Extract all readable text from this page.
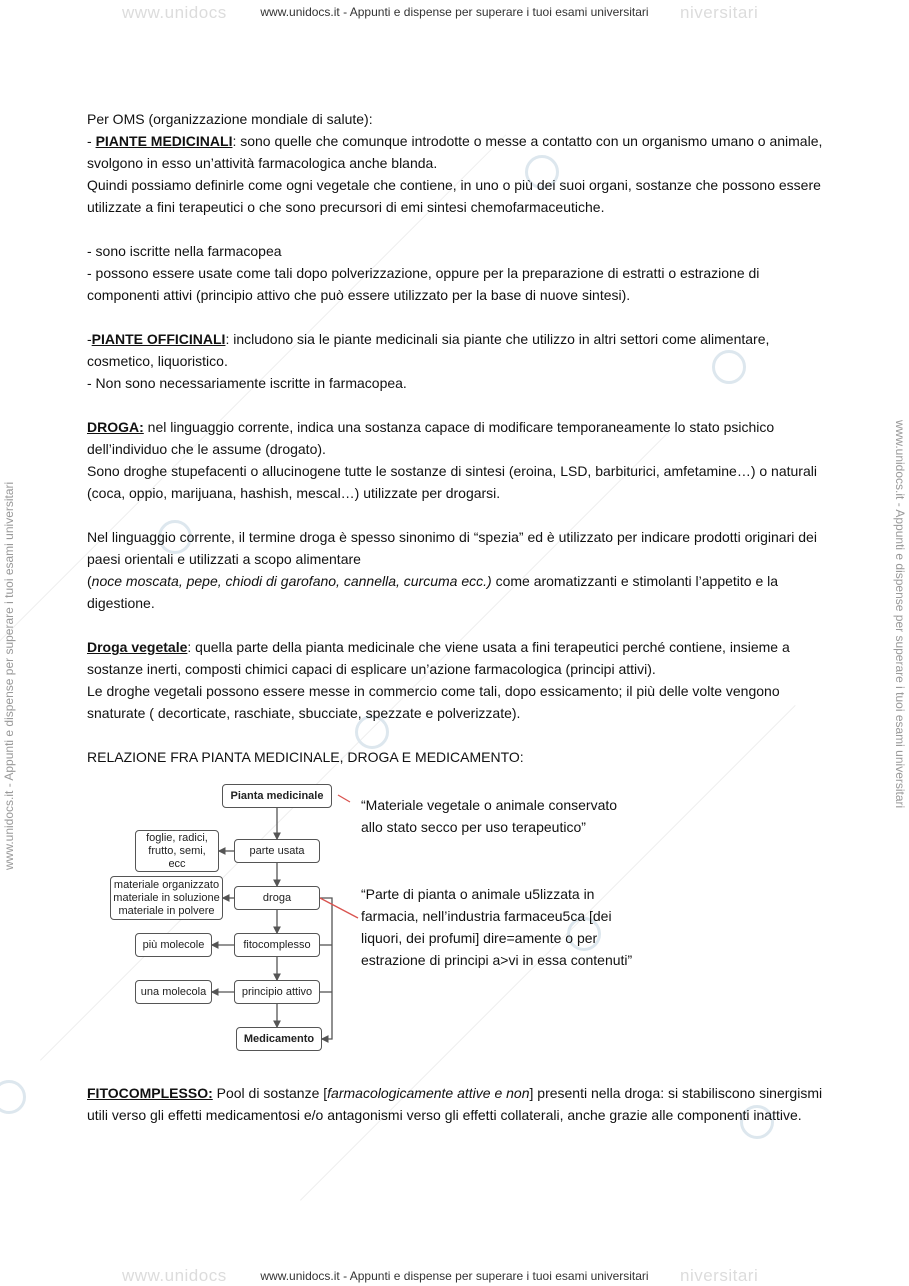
www.unidocs	niversitari
www.unidocs	niversitari
www.unidocs.it - Appunti e dispense per superare i tuoi esami universitari
www.unidocs.it - Appunti e dispense per superare i tuoi esami universitari
www.unidocs.it - Appunti e dispense per superare i tuoi esami universitari	www.unidocs.it - Appunti e dispense per superare i tuoi esami universitari

Per OMS (organizzazione mondiale di salute):

- PIANTE MEDICINALI: sono quelle che comunque introdotte o messe a contatto con un organismo umano o animale, svolgono in esso un’attività farmacologica anche blanda.

Quindi possiamo definirle come ogni vegetale che contiene, in uno o più dei suoi organi, sostanze che possono essere utilizzate a fini terapeutici o che sono precursori di emi sintesi chemofarmaceutiche.

- sono iscritte nella farmacopea

- possono essere usate come tali dopo polverizzazione, oppure per la preparazione di estratti o estrazione di componenti attivi (principio attivo che può essere utilizzato per la base di nuove sintesi).

-PIANTE OFFICINALI: includono sia le piante medicinali sia piante che utilizzo in altri settori come alimentare, cosmetico, liquoristico.

- Non sono necessariamente iscritte in farmacopea.

DROGA: nel linguaggio corrente, indica una sostanza capace di modificare temporaneamente lo stato psichico dell’individuo che le assume (drogato).

Sono droghe stupefacenti o allucinogene tutte le sostanze di sintesi (eroina, LSD, barbiturici, amfetamine…) o naturali (coca, oppio, marijuana, hashish, mescal…) utilizzate per drogarsi.

Nel linguaggio corrente, il termine droga è spesso sinonimo di “spezia” ed è utilizzato per indicare prodotti originari dei paesi orientali e utilizzati a scopo alimentare

(noce moscata, pepe, chiodi di garofano, cannella, curcuma ecc.) come aromatizzanti e stimolanti l’appetito e la digestione.

Droga vegetale: quella parte della pianta medicinale che viene usata a fini terapeutici perché contiene, insieme a sostanze inerti, composti chimici capaci di esplicare un’azione farmacologica (principi attivi).

Le droghe vegetali possono essere messe in commercio come tali, dopo essicamento; il più delle volte vengono snaturate ( decorticate, raschiate, sbucciate, spezzate e polverizzate).

RELAZIONE FRA PIANTA MEDICINALE, DROGA E MEDICAMENTO:

Pianta medicinale
parte usata
droga
fitocomplesso
principio attivo
Medicamento
foglie, radici, frutto, semi, ecc
materiale organizzato materiale in soluzione materiale in polvere
più molecole
una molecola
“Materiale vegetale o animale conservato allo stato secco per uso terapeutico”
“Parte di pianta o animale u5lizzata in farmacia, nell’industria farmaceu5ca [dei liquori, dei profumi] dire=amente o per estrazione di principi a>vi in essa contenuti”

FITOCOMPLESSO: Pool di sostanze [farmacologicamente attive e non] presenti nella droga: si stabiliscono sinergismi utili verso gli effetti medicamentosi e/o antagonismi verso gli effetti collaterali, anche grazie alle componenti inattive.
